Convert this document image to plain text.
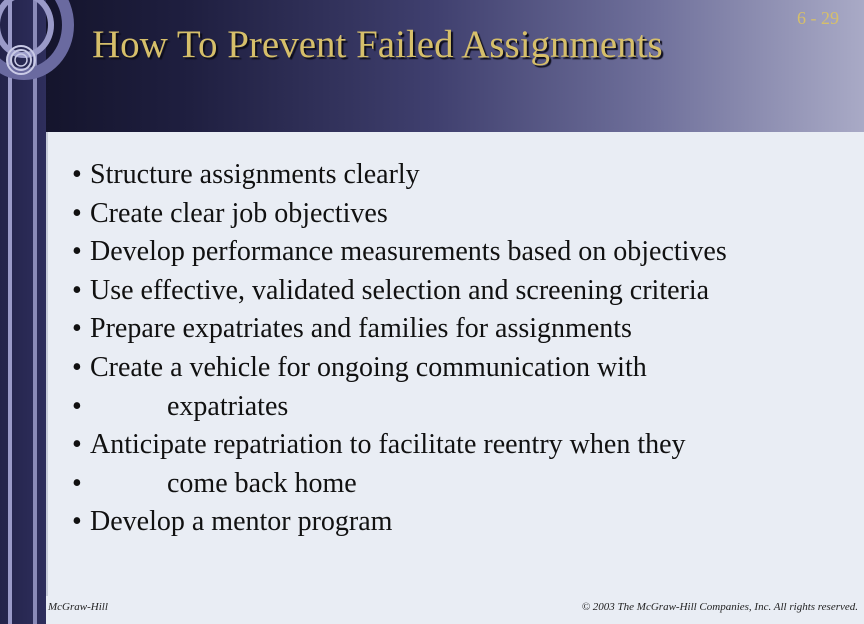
How To Prevent Failed Assignments
6 - 29
• Structure assignments clearly
• Create clear job objectives
• Develop performance measurements based on objectives
• Use effective, validated selection and screening criteria
• Prepare expatriates and families for assignments
• Create a vehicle for ongoing communication with
•	expatriates
• Anticipate repatriation to facilitate reentry when they
•	come back home
• Develop a mentor program
McGraw-Hill	© 2003 The McGraw-Hill Companies, Inc. All rights reserved.
